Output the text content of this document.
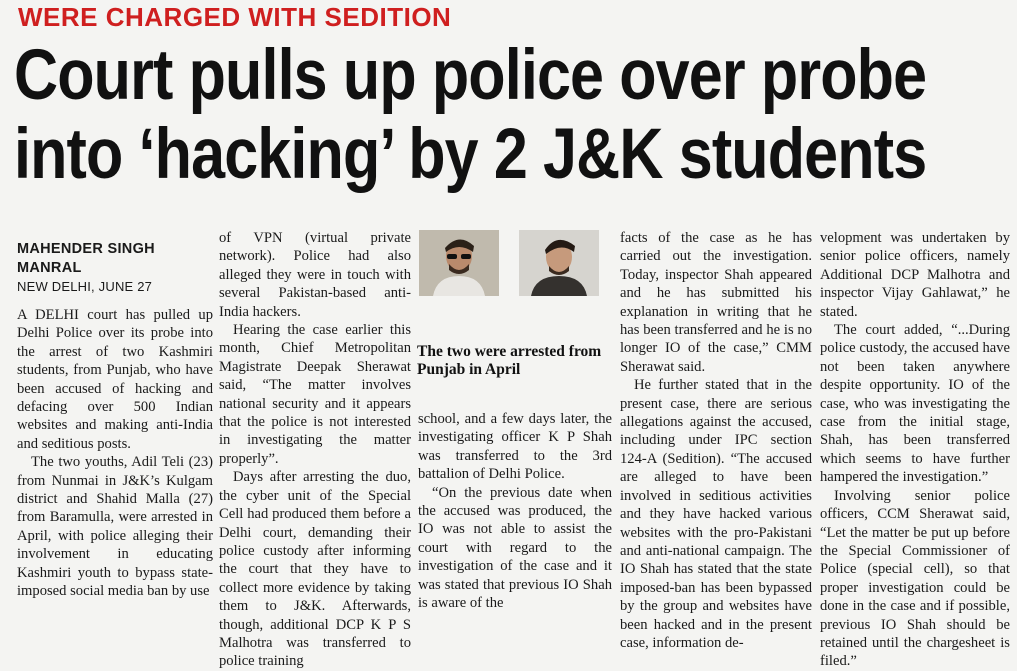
WERE CHARGED WITH SEDITION
Court pulls up police over probe
into ‘hacking’ by 2 J&K students
MAHENDER SINGH
MANRAL
NEW DELHI, JUNE 27

A DELHI court has pulled up Delhi Police over its probe into the arrest of two Kashmiri students, from Punjab, who have been accused of hacking and defacing over 500 Indian websites and making anti-India and seditious posts.

The two youths, Adil Teli (23) from Nunmai in J&K’s Kulgam district and Shahid Malla (27) from Baramulla, were arrested in April, with police alleging their involvement in educating Kashmiri youth to bypass state-imposed social media ban by use

of VPN (virtual private network). Police had also alleged they were in touch with several Pakistan-based anti-India hackers.

Hearing the case earlier this month, Chief Metropolitan Magistrate Deepak Sherawat said, “The matter involves national security and it appears that the police is not interested in investigating the matter properly”.

Days after arresting the duo, the cyber unit of the Special Cell had produced them before a Delhi court, demanding their police custody after informing the court that they have to collect more evidence by taking them to J&K. Afterwards, though, additional DCP K P S Malhotra was transferred to police training

The two were arrested from Punjab in April

school, and a few days later, the investigating officer K P Shah was transferred to the 3rd battalion of Delhi Police.

“On the previous date when the accused was produced, the IO was not able to assist the court with regard to the investigation of the case and it was stated that previous IO Shah is aware of the

facts of the case as he has carried out the investigation. Today, inspector Shah appeared and he has submitted his explanation in writing that he has been transferred and he is no longer IO of the case,” CMM Sherawat said.

He further stated that in the present case, there are serious allegations against the accused, including under IPC section 124-A (Sedition). “The accused are alleged to have been involved in seditious activities and they have hacked various websites with the pro-Pakistani and anti-national campaign. The IO Shah has stated that the state imposed-ban has been bypassed by the group and websites have been hacked and in the present case, information de-

velopment was undertaken by senior police officers, namely Additional DCP Malhotra and inspector Vijay Gahlawat,” he stated.

The court added, “...During police custody, the accused have not been taken anywhere despite opportunity. IO of the case, who was investigating the case from the initial stage, Shah, has been transferred which seems to have further hampered the investigation.”

Involving senior police officers, CCM Sherawat said, “Let the matter be put up before the Special Commissioner of Police (special cell), so that proper investigation could be done in the case and if possible, previous IO Shah should be retained until the chargesheet is filed.”
